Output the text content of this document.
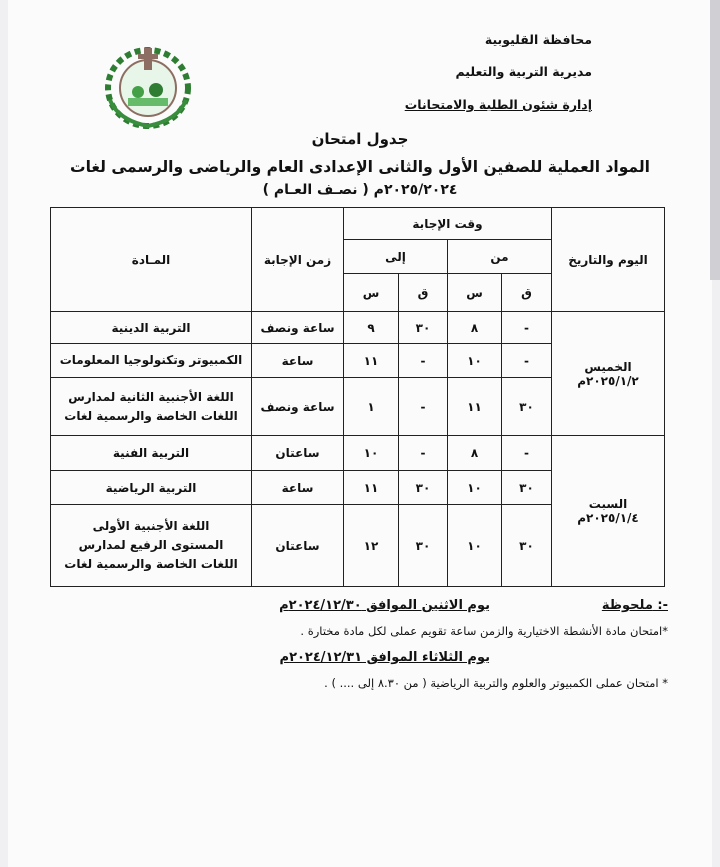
محافظة القليوبية
مديرية التربية والتعليم
إدارة شئون الطلبة والامتحانات
جدول امتحان
المواد العملية للصفين الأول والثانى الإعدادى العام والرياضى والرسمى لغات
( نصـف العـام ) ٢٠٢٥/٢٠٢٤م
اليوم والتاريخ	وقت الإجابة				زمن الإجابة	المـادة
	من		إلى			
	ق	س	ق	س		

الخميس
٢٠٢٥/١/٢م	-	٨	٣٠	٩	ساعة ونصف	التربية الدينية
	-	١٠	-	١١	ساعة	الكمبيوتر وتكنولوجيا المعلومات
	٣٠	١١	-	١	ساعة ونصف	اللغة الأجنبية الثانية لمدارس
اللغات الخاصة والرسمية لغات

السبت
٢٠٢٥/١/٤م	-	٨	-	١٠	ساعتان	التربية الفنية
	٣٠	١٠	٣٠	١١	ساعة	التربية الرياضية
	٣٠	١٠	٣٠	١٢	ساعتان	اللغة الأجنبية الأولى
المستوى الرفيع لمدارس
اللغات الخاصة والرسمية لغات
ملحوظة :-
يوم الاثنين الموافق ٢٠٢٤/١٢/٣٠م
*امتحان مادة الأنشطة الاختيارية والزمن ساعة تقويم عملى لكل مادة مختارة .
يوم الثلاثاء الموافق ٢٠٢٤/١٢/٣١م
* امتحان عملى الكمبيوتر والعلوم والتربية الرياضية ( من ٨.٣٠ إلى .... ) .
